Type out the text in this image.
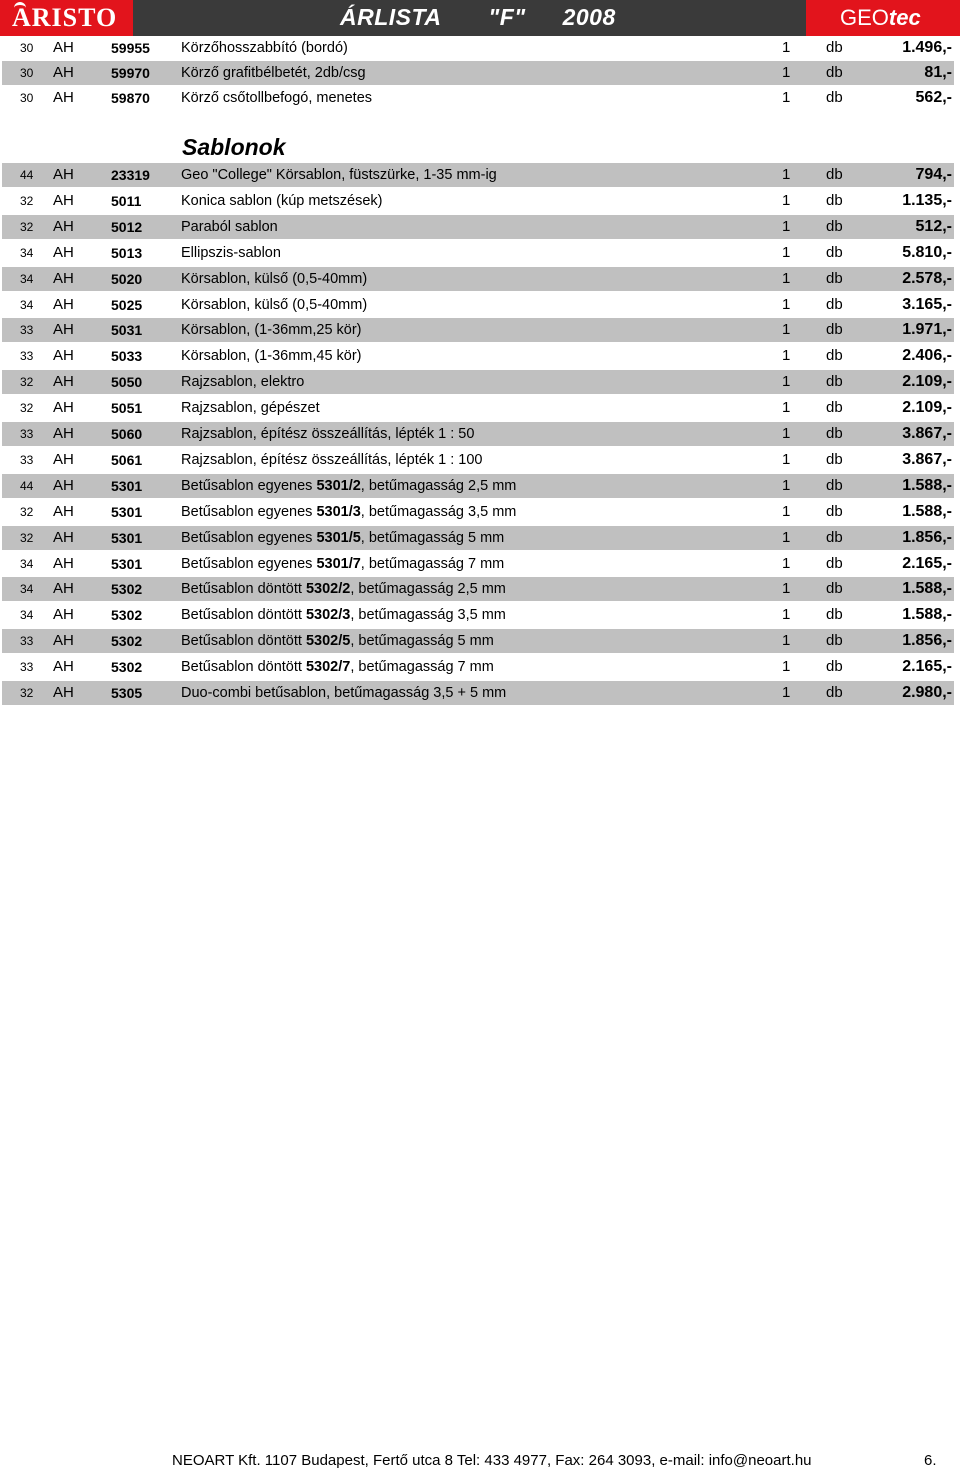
ARISTO	ÁRLISTA "F" 2008	GEOtec
30 AH	59955 Körzőhosszabbító (bordó)	1 db	1.496,-
30 AH	59970 Körző grafitbélbetét, 2db/csg	1 db	81,-
30 AH	59870 Körző csőtollbefogó, menetes	1 db	562,-
Sablonok
44 AH	23319 Geo "College" Körsablon, füstszürke, 1-35 mm-ig	1 db	794,-
32 AH	5011	Konica sablon (kúp metszések)	1 db	1.135,-
32 AH	5012	Paraból sablon	1 db	512,-
34 AH	5013	Ellipszis-sablon	1 db	5.810,-
34 AH	5020	Körsablon, külső (0,5-40mm)	1 db	2.578,-
34 AH	5025	Körsablon, külső (0,5-40mm)	1 db	3.165,-
33 AH	5031	Körsablon, (1-36mm,25 kör)	1 db	1.971,-
33 AH	5033	Körsablon, (1-36mm,45 kör)	1 db	2.406,-
32 AH	5050	Rajzsablon, elektro	1 db	2.109,-
32 AH	5051	Rajzsablon, gépészet	1 db	2.109,-
33 AH	5060	Rajzsablon, építész összeállítás, lépték 1 : 50	1 db	3.867,-
33 AH	5061	Rajzsablon, építész összeállítás, lépték 1 : 100	1 db	3.867,-
44 AH	5301	Betűsablon egyenes 5301/2, betűmagasság 2,5 mm	1 db	1.588,-
32 AH	5301	Betűsablon egyenes 5301/3, betűmagasság 3,5 mm	1 db	1.588,-
32 AH	5301	Betűsablon egyenes 5301/5, betűmagasság 5 mm	1 db	1.856,-
34 AH	5301	Betűsablon egyenes 5301/7, betűmagasság 7 mm	1 db	2.165,-
34 AH	5302	Betűsablon döntött 5302/2, betűmagasság 2,5 mm	1 db	1.588,-
34 AH	5302	Betűsablon döntött 5302/3, betűmagasság 3,5 mm	1 db	1.588,-
33 AH	5302	Betűsablon döntött 5302/5, betűmagasság 5 mm	1 db	1.856,-
33 AH	5302	Betűsablon döntött 5302/7, betűmagasság 7 mm	1 db	2.165,-
32 AH	5305	Duo-combi betűsablon, betűmagasság 3,5 + 5 mm	1 db	2.980,-
NEOART Kft. 1107 Budapest, Fertő utca 8 Tel: 433 4977, Fax: 264 3093, e-mail: info@neoart.hu	6.
